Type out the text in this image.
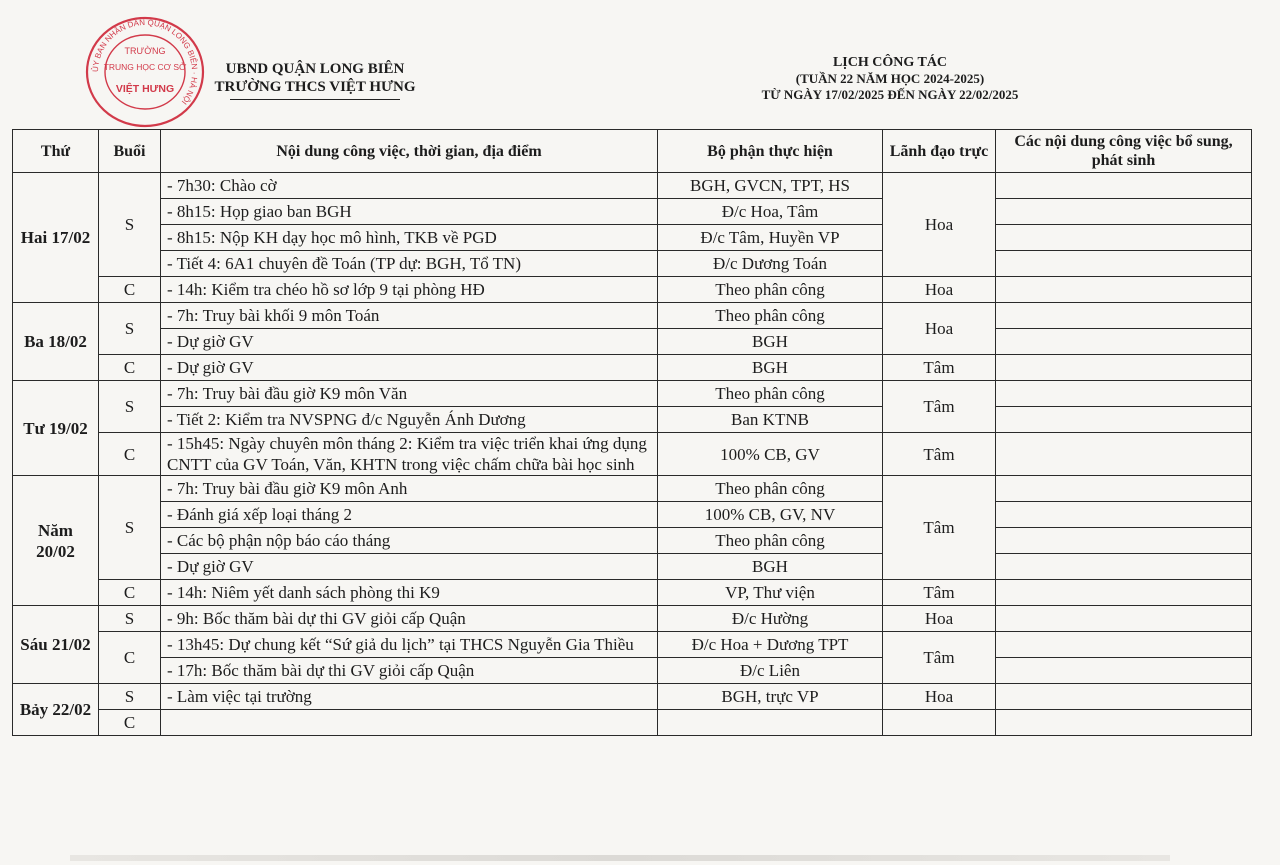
ỦY BAN NHÂN DÂN QUẬN LONG BIÊN · HÀ NỘI
TRƯỜNG
TRUNG HỌC CƠ SỞ
VIỆT HƯNG
UBND QUẬN LONG BIÊN
TRƯỜNG THCS VIỆT HƯNG
LỊCH CÔNG TÁC
(TUẦN 22 NĂM HỌC 2024-2025)
TỪ NGÀY 17/02/2025 ĐẾN NGÀY 22/02/2025
Thứ	Buổi	Nội dung công việc, thời gian, địa điểm	Bộ phận thực hiện	Lãnh đạo trực	Các nội dung công việc bổ sung, phát sinh
Hai 17/02	S	- 7h30: Chào cờ	BGH, GVCN, TPT, HS	Hoa	
		- 8h15: Họp giao ban BGH	Đ/c Hoa, Tâm		
		- 8h15: Nộp KH dạy học mô hình, TKB về PGD	Đ/c Tâm, Huyền VP		
		- Tiết 4: 6A1 chuyên đề Toán (TP dự: BGH, Tổ TN)	Đ/c Dương Toán		
	C	- 14h: Kiểm tra chéo hồ sơ lớp 9 tại phòng HĐ	Theo phân công	Hoa	
Ba 18/02	S	- 7h: Truy bài khối 9 môn Toán	Theo phân công	Hoa	
		- Dự giờ GV	BGH		
	C	- Dự giờ GV	BGH	Tâm	
Tư 19/02	S	- 7h: Truy bài đầu giờ K9 môn Văn	Theo phân công	Tâm	
		- Tiết 2: Kiểm tra NVSPNG đ/c Nguyễn Ánh Dương	Ban KTNB		
	C	- 15h45: Ngày chuyên môn tháng 2: Kiểm tra việc triển khai ứng dụng CNTT của GV Toán, Văn, KHTN trong việc chấm chữa bài học sinh	100% CB, GV	Tâm	
Năm 20/02	S	- 7h: Truy bài đầu giờ K9 môn Anh	Theo phân công	Tâm	
		- Đánh giá xếp loại tháng 2	100% CB, GV, NV		
		- Các bộ phận nộp báo cáo tháng	Theo phân công		
		- Dự giờ GV	BGH		
	C	- 14h: Niêm yết danh sách phòng thi K9	VP, Thư viện	Tâm	
Sáu 21/02	S	- 9h: Bốc thăm bài dự thi GV giỏi cấp Quận	Đ/c Hường	Hoa	
	C	- 13h45: Dự chung kết “Sứ giả du lịch” tại THCS Nguyễn Gia Thiều	Đ/c Hoa + Dương TPT	Tâm	
		- 17h: Bốc thăm bài dự thi GV giỏi cấp Quận	Đ/c Liên		
Bảy 22/02	S	- Làm việc tại trường	BGH, trực VP	Hoa	
	C				
